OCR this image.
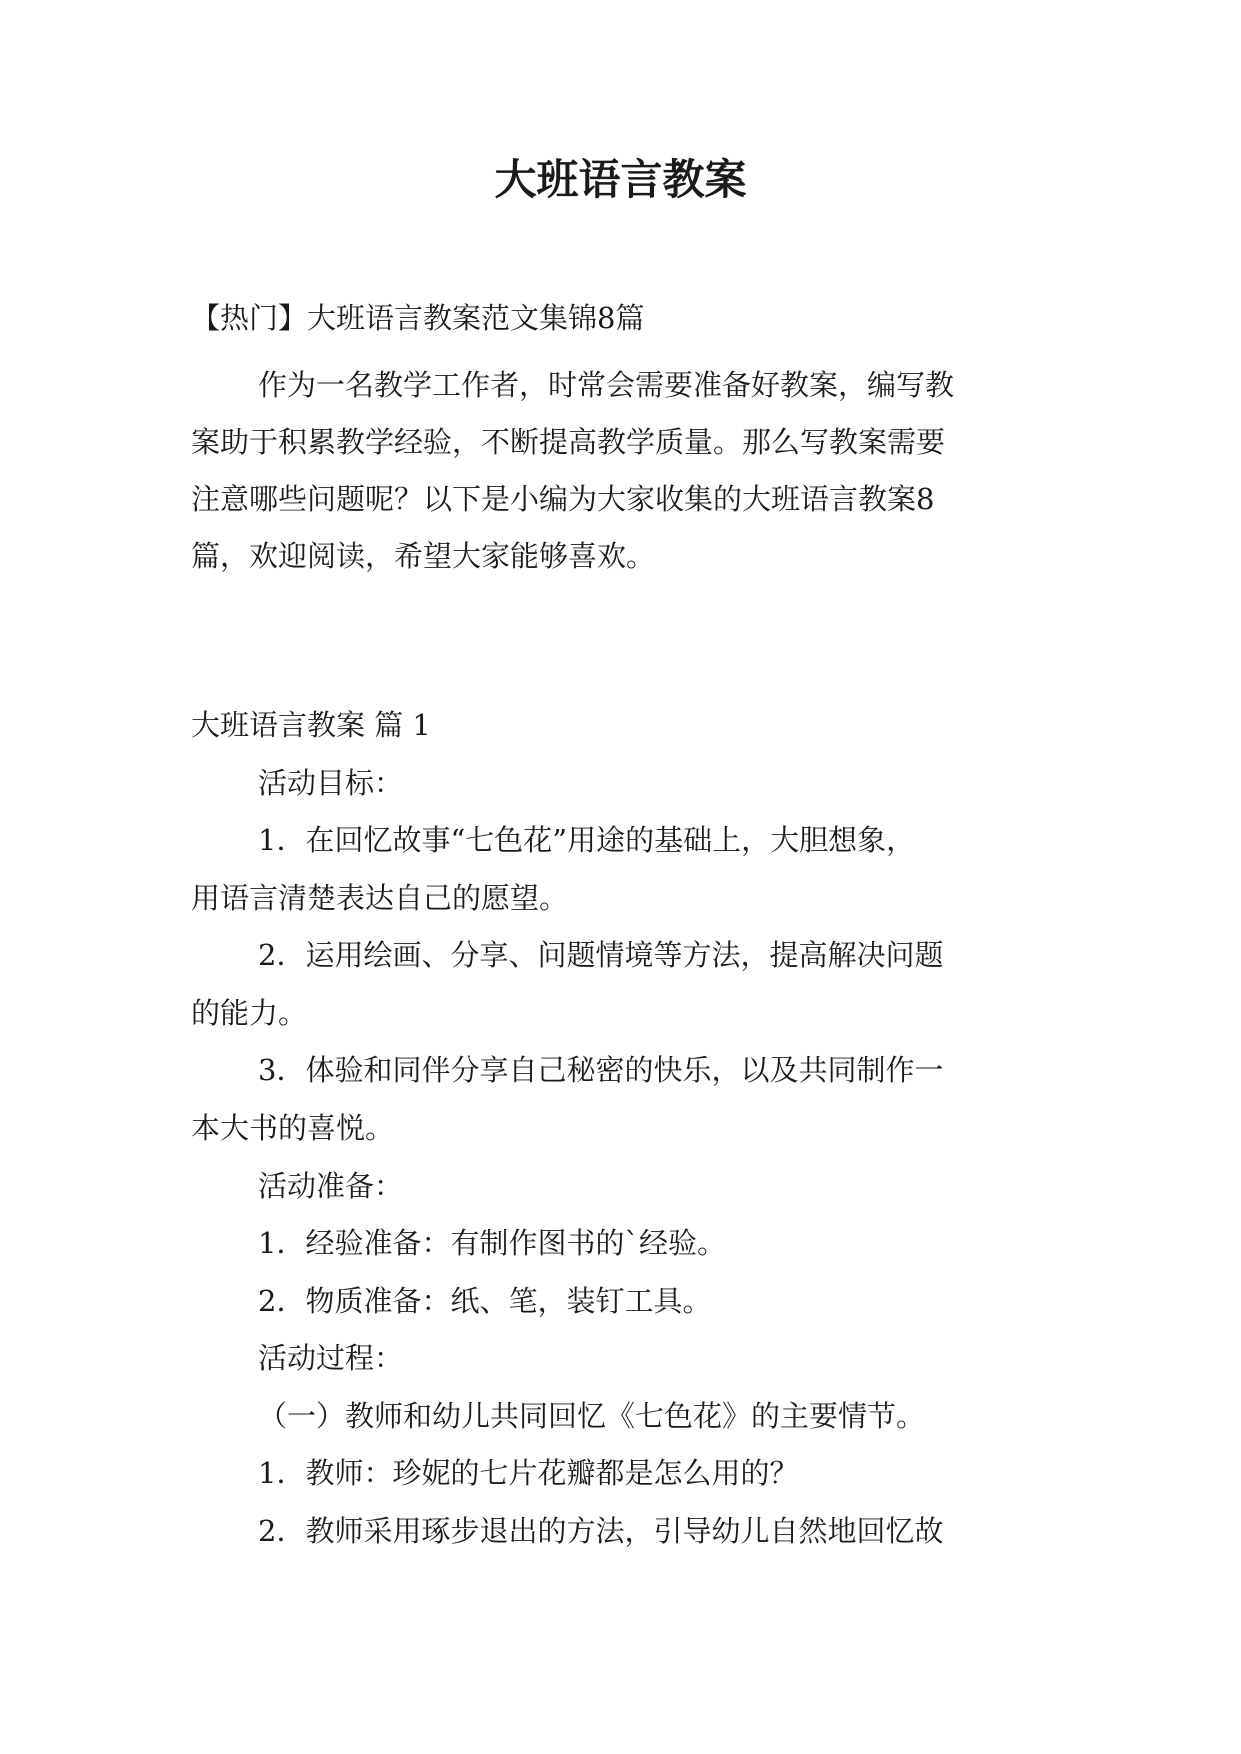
大班语言教案
【热门】大班语言教案范文集锦8篇
作为一名教学工作者，时常会需要准备好教案，编写教
案助于积累教学经验，不断提高教学质量。那么写教案需要
注意哪些问题呢？以下是小编为大家收集的大班语言教案8
篇，欢迎阅读，希望大家能够喜欢。
大班语言教案 篇 1
活动目标：
1．在回忆故事“七色花”用途的基础上，大胆想象，
用语言清楚表达自己的愿望。
2．运用绘画、分享、问题情境等方法，提高解决问题
的能力。
3．体验和同伴分享自己秘密的快乐，以及共同制作一
本大书的喜悦。
活动准备：
1．经验准备：有制作图书的`经验。
2．物质准备：纸、笔，装钉工具。
活动过程：
（一）教师和幼儿共同回忆《七色花》的主要情节。
1．教师：珍妮的七片花瓣都是怎么用的？
2．教师采用琢步退出的方法，引导幼儿自然地回忆故
